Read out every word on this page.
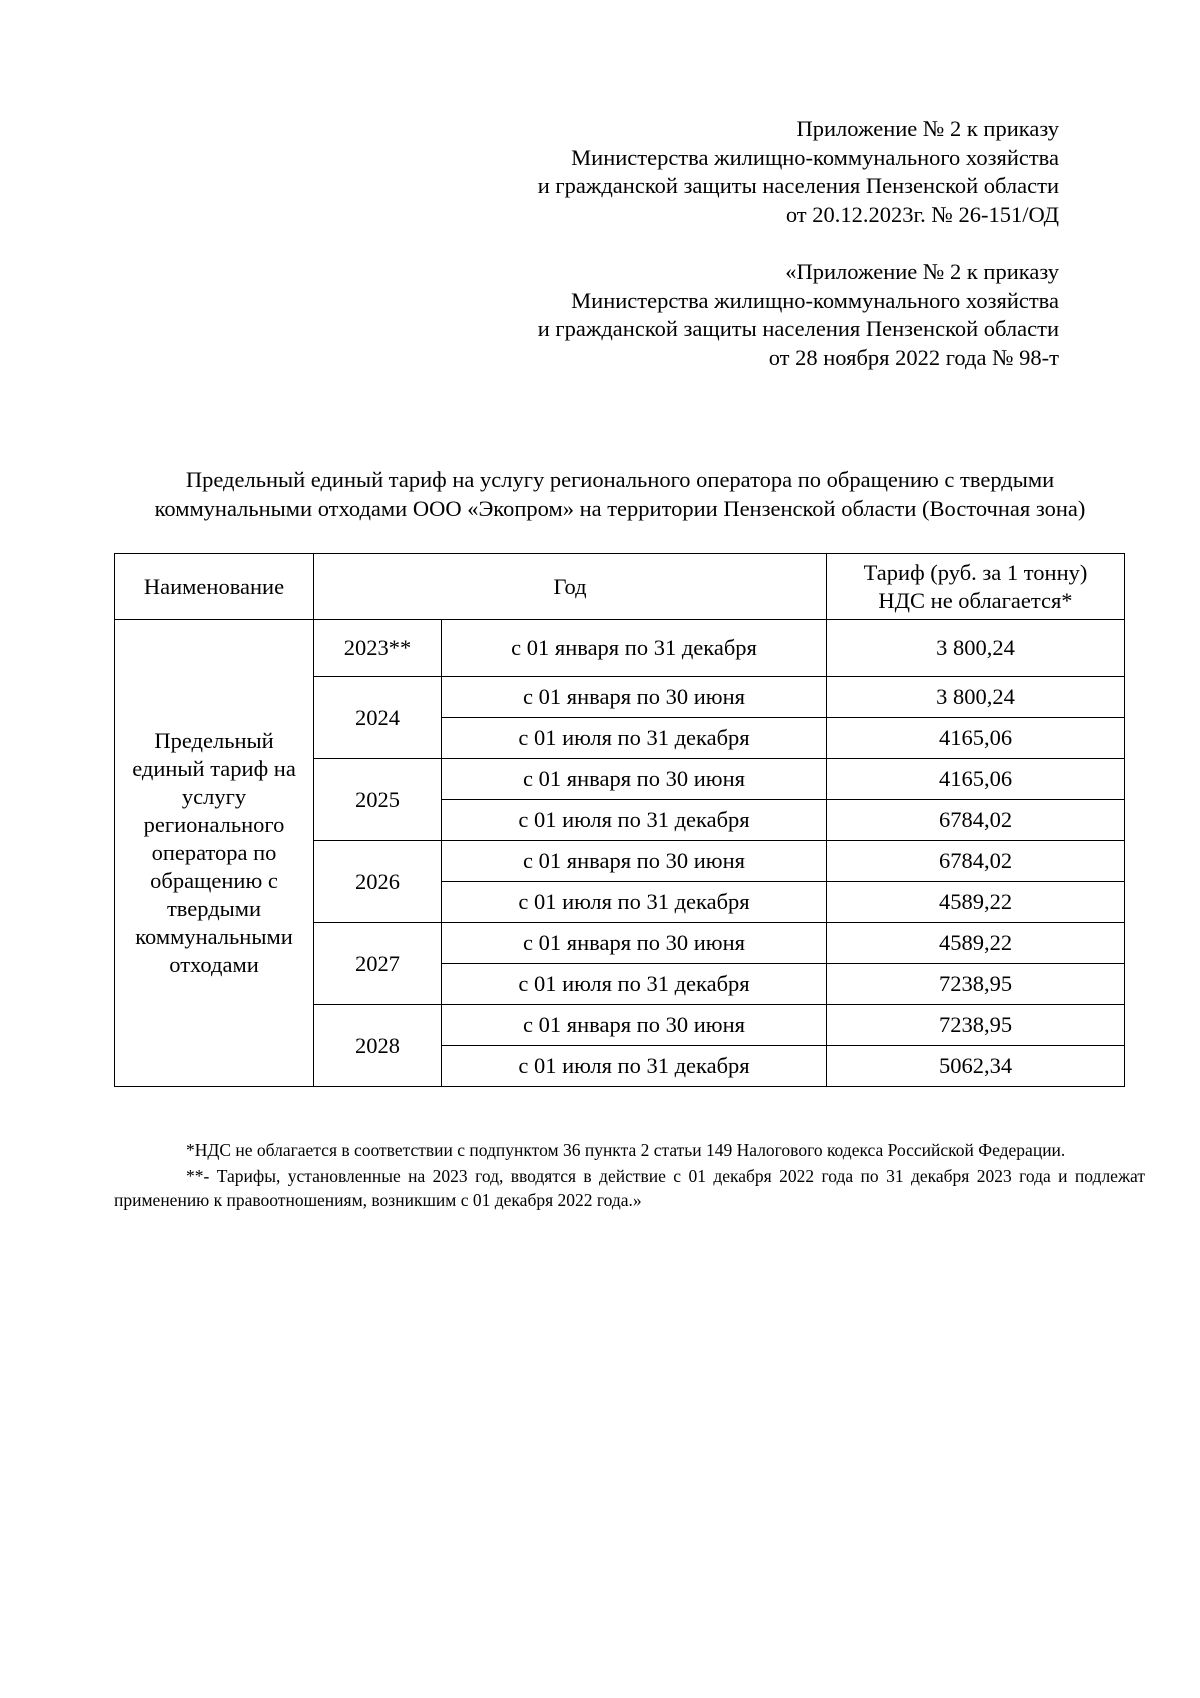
Приложение № 2 к приказу
Министерства жилищно-коммунального хозяйства
и гражданской защиты населения Пензенской области
от 20.12.2023г. № 26-151/ОД
«Приложение № 2 к приказу
Министерства жилищно-коммунального хозяйства
и гражданской защиты населения Пензенской области
от 28 ноября 2022 года № 98-т
Предельный единый тариф на услугу регионального оператора по обращению с твердыми
коммунальными отходами ООО «Экопром» на территории Пензенской области (Восточная зона)
Наименование	Год		Тариф (руб. за 1 тонну)
НДС не облагается*

Предельный единый тариф на услугу регионального оператора по обращению с твердыми коммунальными отходами	2023**	с 01 января по 31 декабря	3 800,24
	2024	с 01 января по 30 июня	3 800,24
		с 01 июля по 31 декабря	4165,06
	2025	с 01 января по 30 июня	4165,06
		с 01 июля по 31 декабря	6784,02
	2026	с 01 января по 30 июня	6784,02
		с 01 июля по 31 декабря	4589,22
	2027	с 01 января по 30 июня	4589,22
		с 01 июля по 31 декабря	7238,95
	2028	с 01 января по 30 июня	7238,95
		с 01 июля по 31 декабря	5062,34

*НДС не облагается в соответствии с подпунктом 36 пункта 2 статьи 149 Налогового кодекса Российской Федерации.

**- Тарифы, установленные на 2023 год, вводятся в действие с 01 декабря 2022 года по 31 декабря 2023 года и подлежат применению к правоотношениям, возникшим с 01 декабря 2022 года.»
